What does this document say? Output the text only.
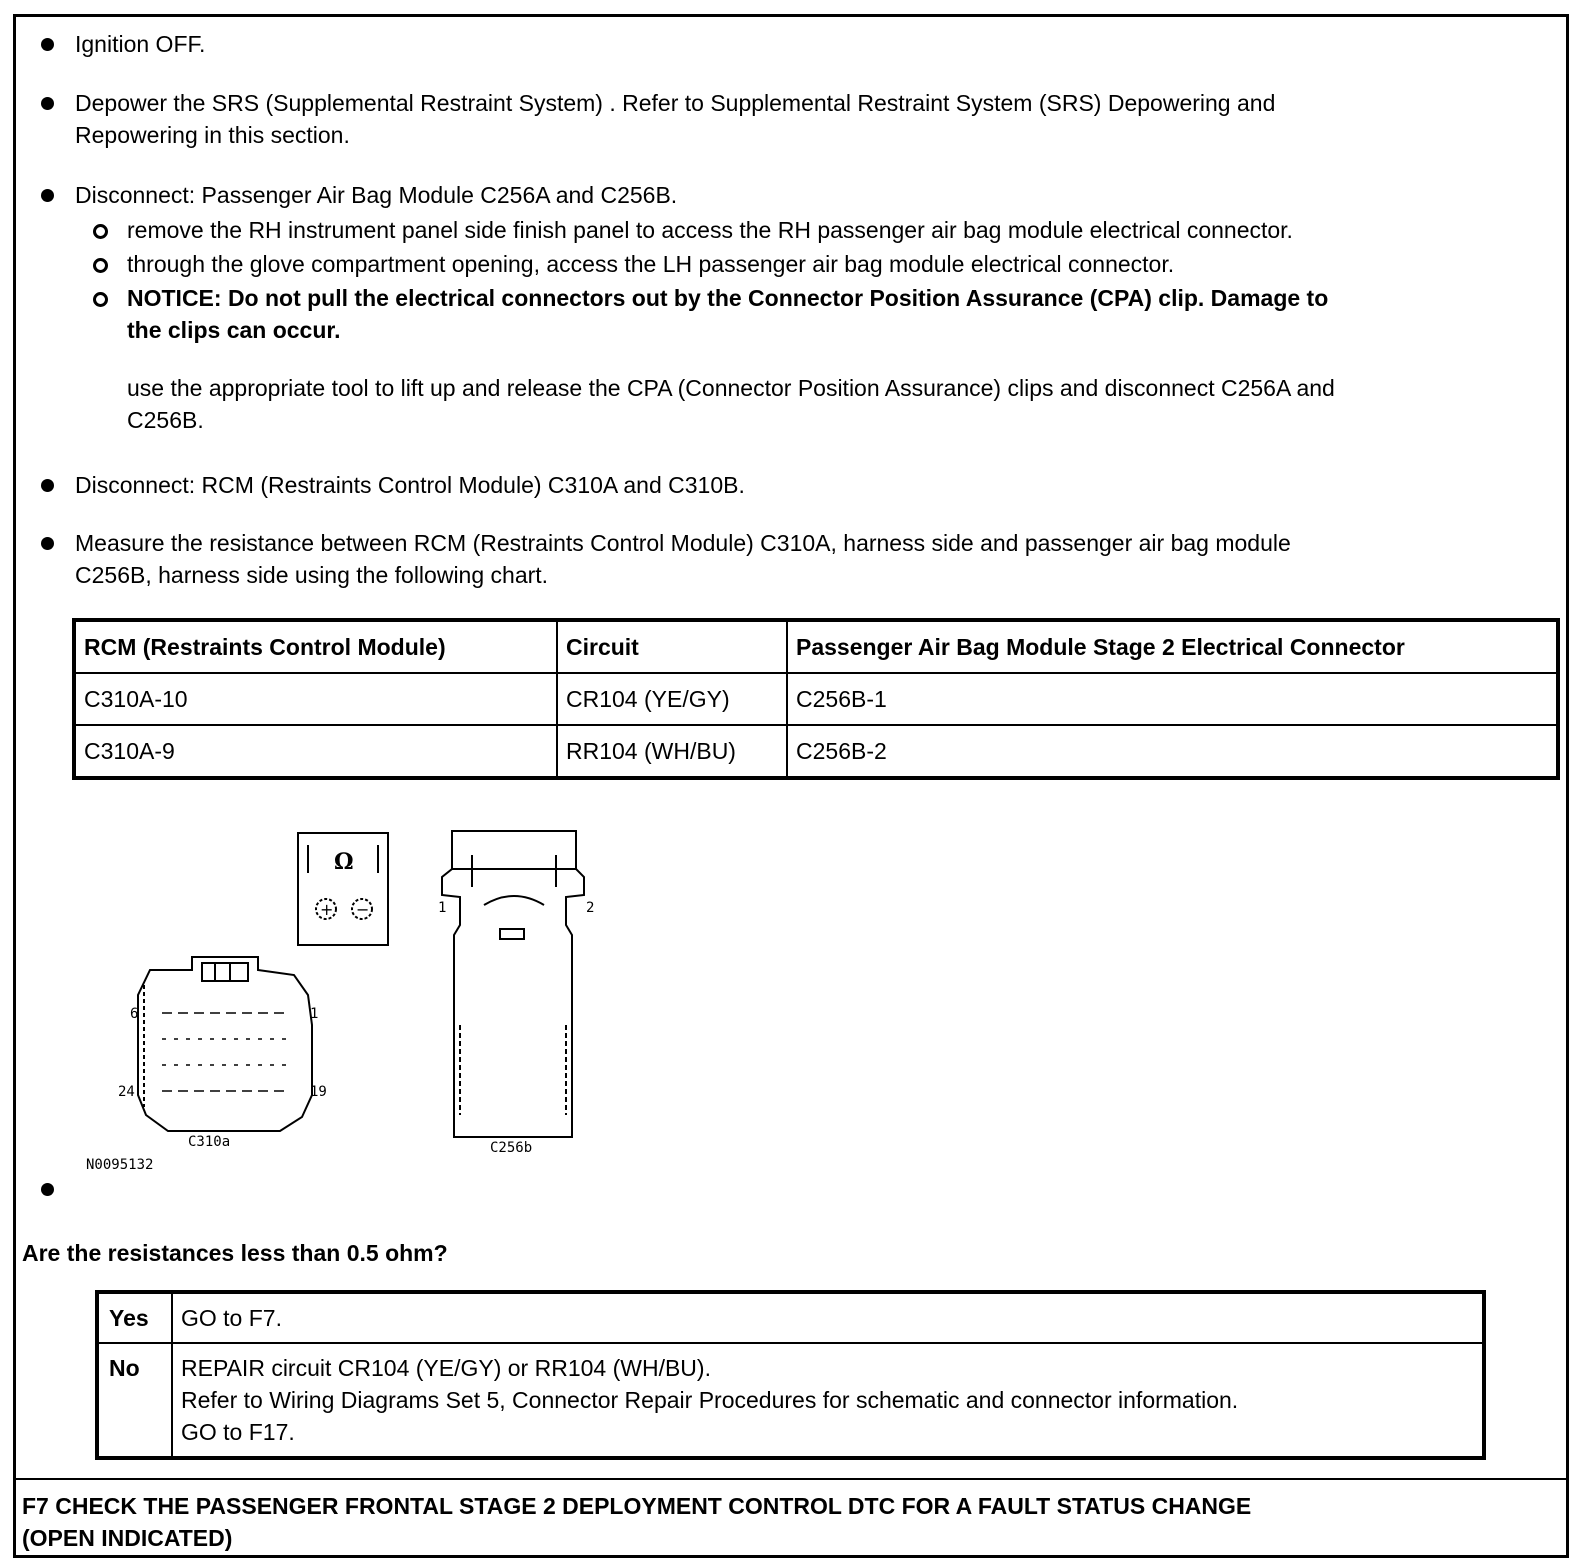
Ignition OFF.
Depower the SRS (Supplemental Restraint System) . Refer to Supplemental Restraint System (SRS) Depowering and
Repowering in this section.
Disconnect: Passenger Air Bag Module C256A and C256B.
remove the RH instrument panel side finish panel to access the RH passenger air bag module electrical connector.
through the glove compartment opening, access the LH passenger air bag module electrical connector.
NOTICE: Do not pull the electrical connectors out by the Connector Position Assurance (CPA) clip. Damage to
the clips can occur.
use the appropriate tool to lift up and release the CPA (Connector Position Assurance) clips and disconnect C256A and
C256B.
Disconnect: RCM (Restraints Control Module) C310A and C310B.
Measure the resistance between RCM (Restraints Control Module) C310A, harness side and passenger air bag module
C256B, harness side using the following chart.
RCM (Restraints Control Module)	Circuit	Passenger Air Bag Module Stage 2 Electrical Connector
C310A-10	CR104 (YE/GY)	C256B-1
C310A-9	RR104 (WH/BU)	C256B-2
Ω
+ −
6	1
24	19
C310a
N0095132
1	2
C256b
Are the resistances less than 0.5 ohm?
Yes	GO to F7.

No	REPAIR circuit CR104 (YE/GY) or RR104 (WH/BU).
Refer to Wiring Diagrams Set 5, Connector Repair Procedures for schematic and connector information.
GO to F17.
F7 CHECK THE PASSENGER FRONTAL STAGE 2 DEPLOYMENT CONTROL DTC FOR A FAULT STATUS CHANGE
(OPEN INDICATED)
